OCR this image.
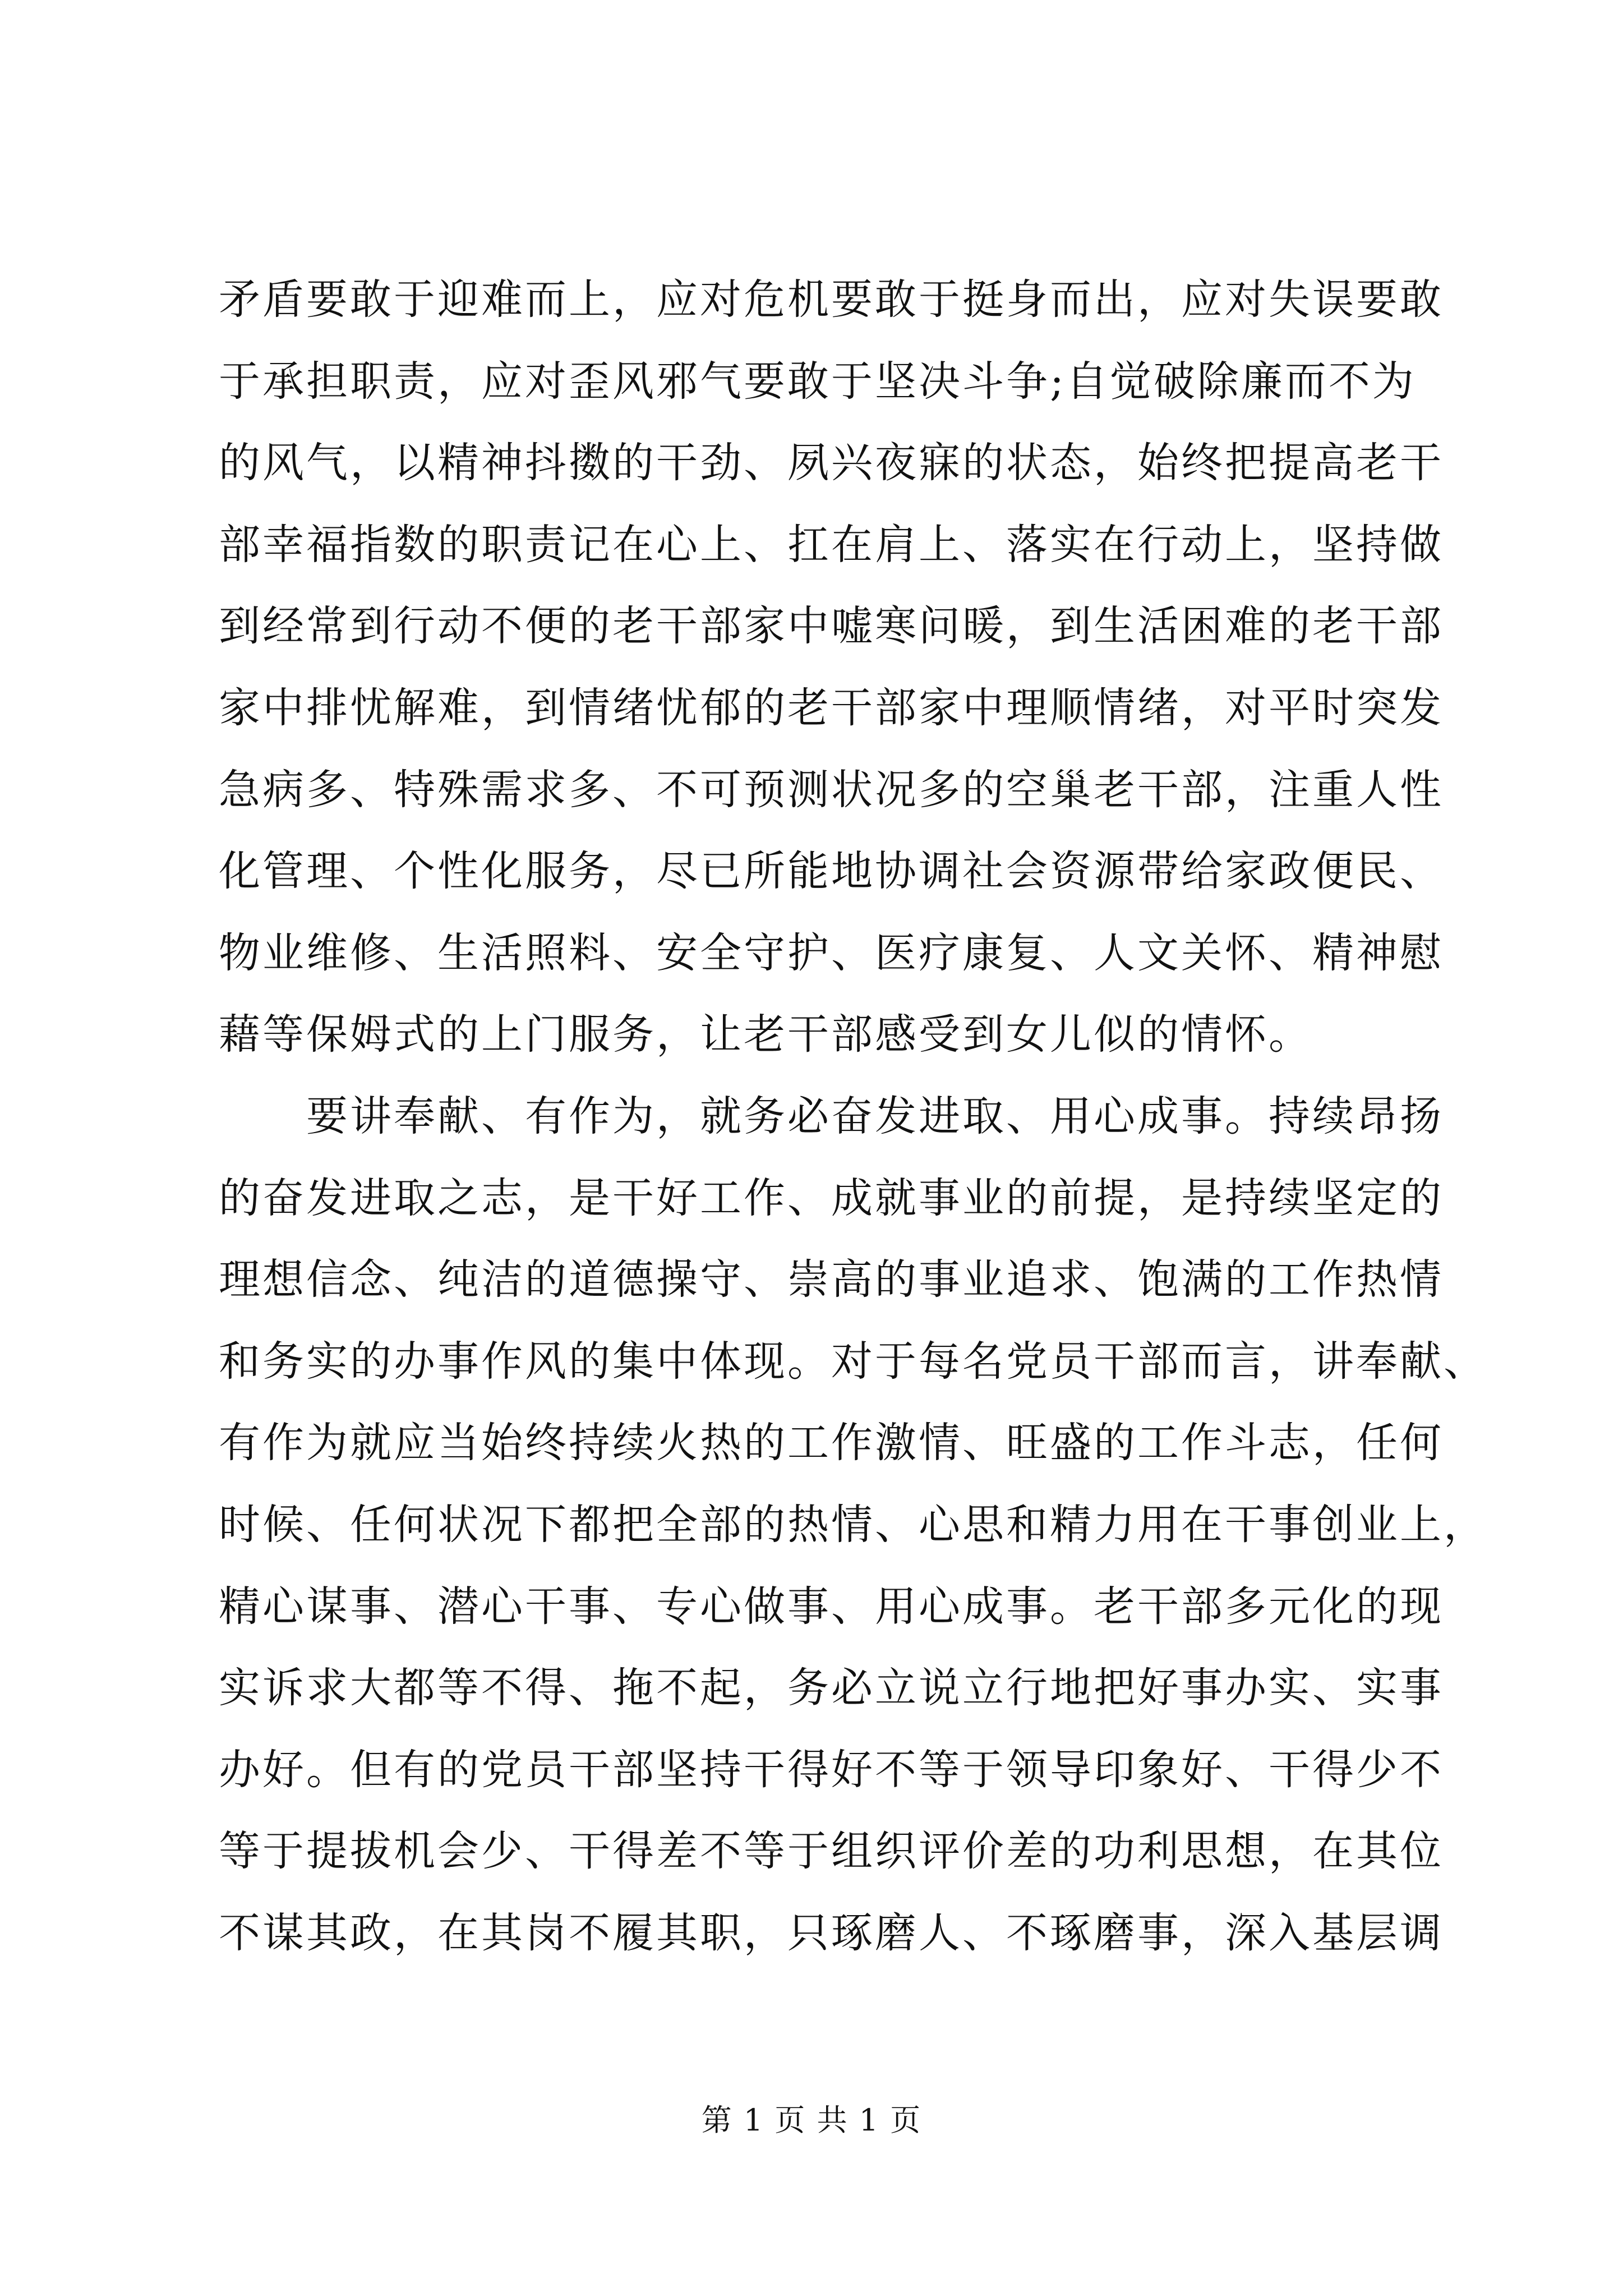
矛盾要敢于迎难而上，应对危机要敢于挺身而出，应对失误要敢
于承担职责，应对歪风邪气要敢于坚决斗争;自觉破除廉而不为
的风气，以精神抖擞的干劲、夙兴夜寐的状态，始终把提高老干
部幸福指数的职责记在心上、扛在肩上、落实在行动上，坚持做
到经常到行动不便的老干部家中嘘寒问暖，到生活困难的老干部
家中排忧解难，到情绪忧郁的老干部家中理顺情绪，对平时突发
急病多、特殊需求多、不可预测状况多的空巢老干部，注重人性
化管理、个性化服务，尽已所能地协调社会资源带给家政便民、
物业维修、生活照料、安全守护、医疗康复、人文关怀、精神慰
藉等保姆式的上门服务，让老干部感受到女儿似的情怀。
　　要讲奉献、有作为，就务必奋发进取、用心成事。持续昂扬
的奋发进取之志，是干好工作、成就事业的前提，是持续坚定的
理想信念、纯洁的道德操守、崇高的事业追求、饱满的工作热情
和务实的办事作风的集中体现。对于每名党员干部而言，讲奉献、
有作为就应当始终持续火热的工作激情、旺盛的工作斗志，任何
时候、任何状况下都把全部的热情、心思和精力用在干事创业上，
精心谋事、潜心干事、专心做事、用心成事。老干部多元化的现
实诉求大都等不得、拖不起，务必立说立行地把好事办实、实事
办好。但有的党员干部坚持干得好不等于领导印象好、干得少不
等于提拔机会少、干得差不等于组织评价差的功利思想，在其位
不谋其政，在其岗不履其职，只琢磨人、不琢磨事，深入基层调
第 1 页 共 1 页
